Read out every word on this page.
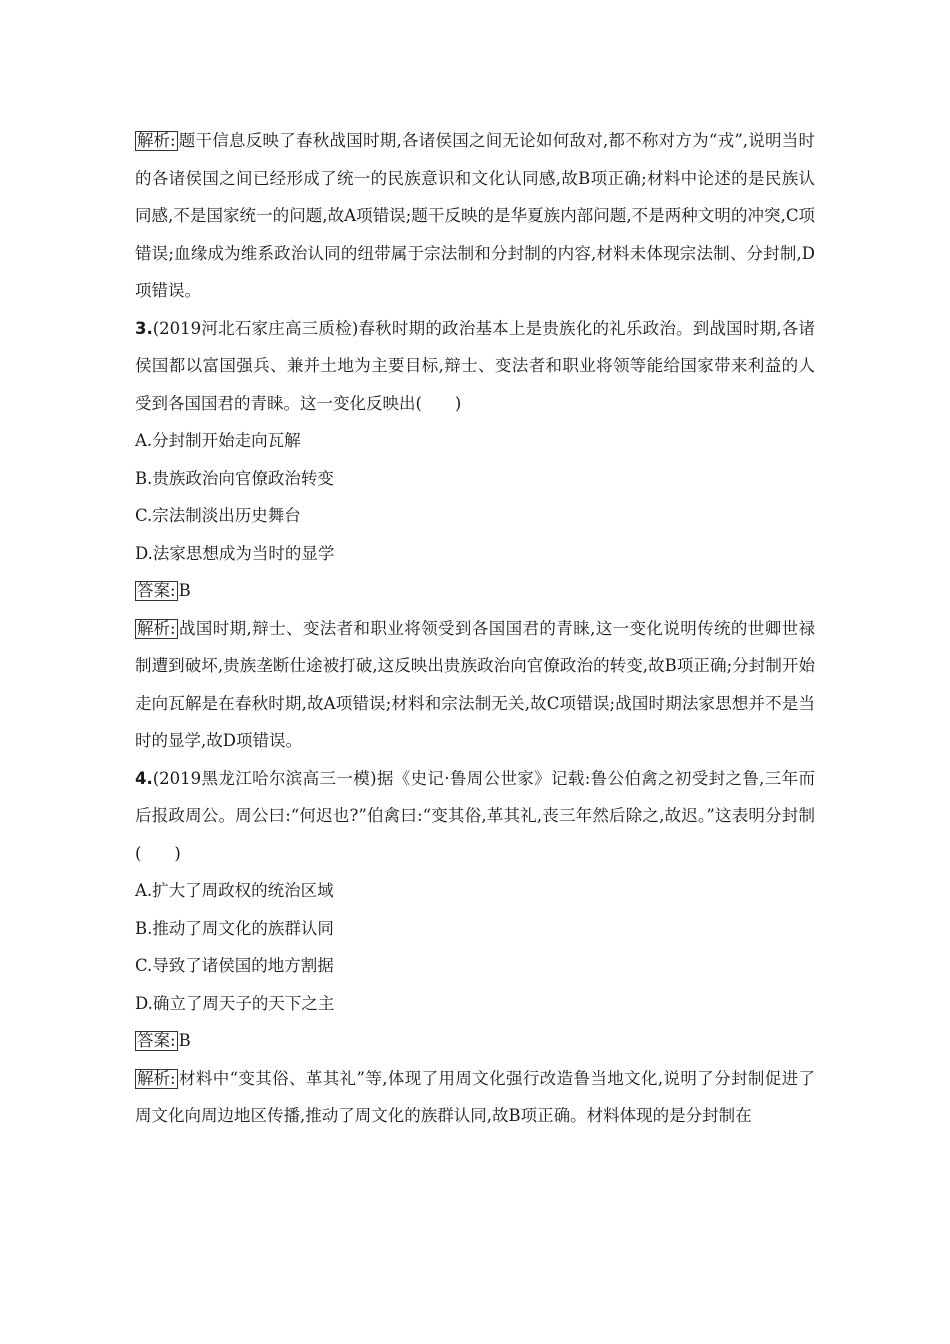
解析: 题干信息反映了春秋战国时期,各诸侯国之间无论如何敌对,都不称对方为“戎”,说明当时的各诸侯国之间已经形成了统一的民族意识和文化认同感,故B项正确;材料中论述的是民族认同感,不是国家统一的问题,故A项错误;题干反映的是华夏族内部问题,不是两种文明的冲突,C项错误;血缘成为维系政治认同的纽带属于宗法制和分封制的内容,材料未体现宗法制、分封制,D项错误。

3.(2019河北石家庄高三质检)春秋时期的政治基本上是贵族化的礼乐政治。到战国时期,各诸侯国都以富国强兵、兼并土地为主要目标,辩士、变法者和职业将领等能给国家带来利益的人受到各国国君的青睐。这一变化反映出(　　)

A.分封制开始走向瓦解

B.贵族政治向官僚政治转变

C.宗法制淡出历史舞台

D.法家思想成为当时的显学

答案: B

解析: 战国时期,辩士、变法者和职业将领受到各国国君的青睐,这一变化说明传统的世卿世禄制遭到破坏,贵族垄断仕途被打破,这反映出贵族政治向官僚政治的转变,故B项正确;分封制开始走向瓦解是在春秋时期,故A项错误;材料和宗法制无关,故C项错误;战国时期法家思想并不是当时的显学,故D项错误。

4.(2019黑龙江哈尔滨高三一模)据《史记·鲁周公世家》记载:鲁公伯禽之初受封之鲁,三年而后报政周公。周公曰:“何迟也?”伯禽曰:“变其俗,革其礼,丧三年然后除之,故迟。”这表明分封制(　　)

A.扩大了周政权的统治区域

B.推动了周文化的族群认同

C.导致了诸侯国的地方割据

D.确立了周天子的天下之主

答案: B

解析: 材料中“变其俗、革其礼”等,体现了用周文化强行改造鲁当地文化,说明了分封制促进了周文化向周边地区传播,推动了周文化的族群认同,故B项正确。材料体现的是分封制在
